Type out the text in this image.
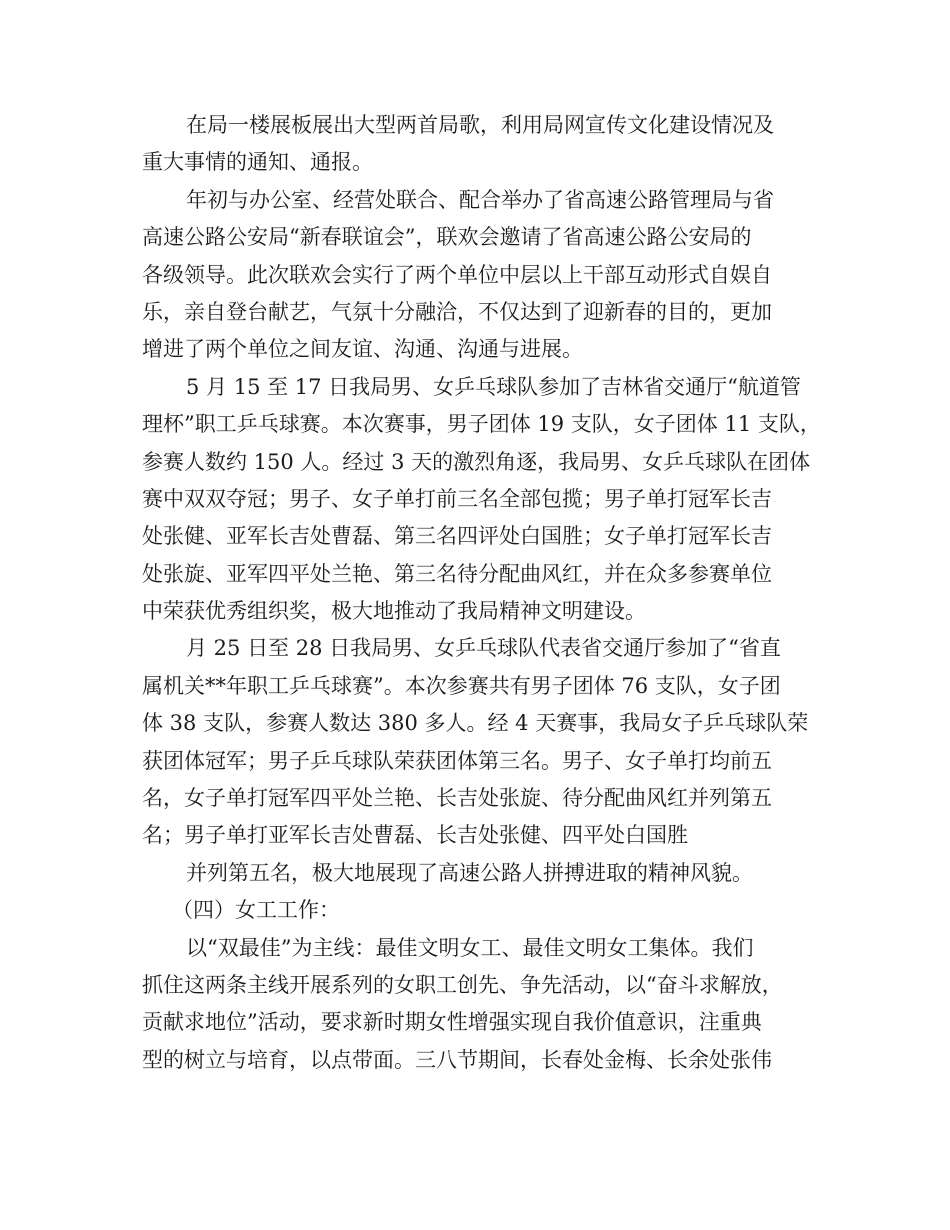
在局一楼展板展出大型两首局歌，利用局网宣传文化建设情况及

重大事情的通知、通报。

年初与办公室、经营处联合、配合举办了省高速公路管理局与省

高速公路公安局“新春联谊会”，联欢会邀请了省高速公路公安局的

各级领导。此次联欢会实行了两个单位中层以上干部互动形式自娱自

乐，亲自登台献艺，气氛十分融洽，不仅达到了迎新春的目的，更加

增进了两个单位之间友谊、沟通、沟通与进展。

5 月 15 至 17 日我局男、女乒乓球队参加了吉林省交通厅“航道管

理杯”职工乒乓球赛。本次赛事，男子团体 19 支队，女子团体 11 支队，

参赛人数约 150 人。经过 3 天的激烈角逐，我局男、女乒乓球队在团体

赛中双双夺冠；男子、女子单打前三名全部包揽；男子单打冠军长吉

处张健、亚军长吉处曹磊、第三名四评处白国胜；女子单打冠军长吉

处张旋、亚军四平处兰艳、第三名待分配曲风红，并在众多参赛单位

中荣获优秀组织奖，极大地推动了我局精神文明建设。

月 25 日至 28 日我局男、女乒乓球队代表省交通厅参加了“省直

属机关**年职工乒乓球赛”。本次参赛共有男子团体 76 支队，女子团

体 38 支队，参赛人数达 380 多人。经 4 天赛事，我局女子乒乓球队荣

获团体冠军；男子乒乓球队荣获团体第三名。男子、女子单打均前五

名，女子单打冠军四平处兰艳、长吉处张旋、待分配曲风红并列第五

名；男子单打亚军长吉处曹磊、长吉处张健、四平处白国胜

并列第五名，极大地展现了高速公路人拼搏进取的精神风貌。

（四）女工工作：

以“双最佳”为主线：最佳文明女工、最佳文明女工集体。我们

抓住这两条主线开展系列的女职工创先、争先活动，以“奋斗求解放，

贡献求地位”活动，要求新时期女性增强实现自我价值意识，注重典

型的树立与培育，以点带面。三八节期间，长春处金梅、长余处张伟
